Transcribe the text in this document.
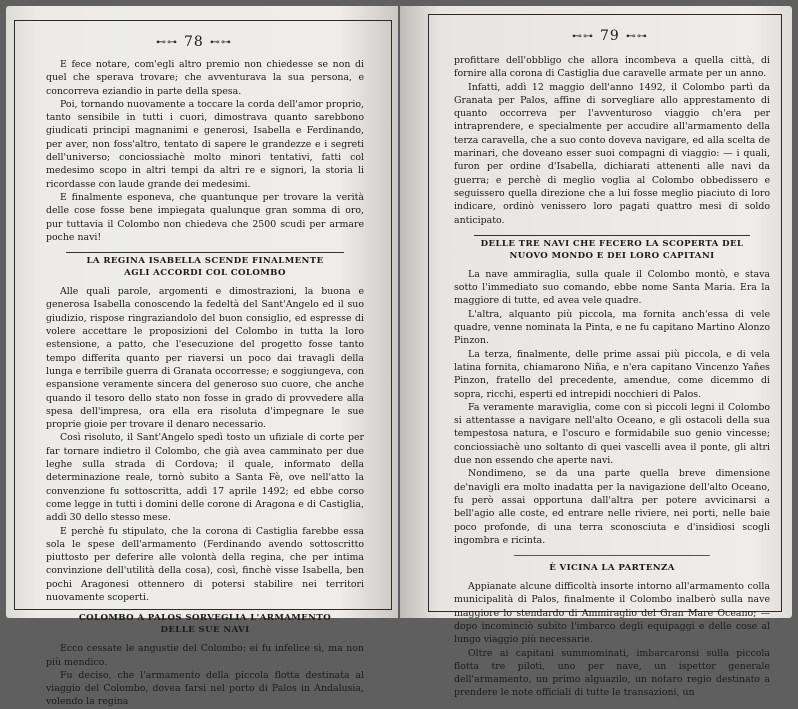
⊷⊶ 78 ⊷⊶

E fece notare, com'egli altro premio non chiedesse se non di quel che sperava trovare; che avventurava la sua persona, e concorreva eziandio in parte della spesa.

Poi, tornando nuovamente a toccare la corda dell'amor proprio, tanto sensibile in tutti i cuori, dimostrava quanto sarebbono giudicati principi magnanimi e generosi, Isabella e Ferdinando, per aver, non foss'altro, tentato di sapere le grandezze e i segreti dell'universo; conciossiachè molto minori tentativi, fatti col medesimo scopo in altri tempi da altri re e signori, la storia li ricordasse con laude grande dei medesimi.

E finalmente esponeva, che quantunque per trovare la verità delle cose fosse bene impiegata qualunque gran somma di oro, pur tuttavia il Colombo non chiedeva che 2500 scudi per armare poche navi!

LA REGINA ISABELLA SCENDE FINALMENTE
AGLI ACCORDI COL COLOMBO

Alle quali parole, argomenti e dimostrazioni, la buona e generosa Isabella conoscendo la fedeltà del Sant'Angelo ed il suo giudizio, rispose ringraziandolo del buon consiglio, ed espresse di volere accettare le proposizioni del Colombo in tutta la loro estensione, a patto, che l'esecuzione del progetto fosse tanto tempo differita quanto per riaversi un poco dai travagli della lunga e terribile guerra di Granata occorresse; e soggiungeva, con espansione veramente sincera del generoso suo cuore, che anche quando il tesoro dello stato non fosse in grado di provvedere alla spesa dell'impresa, ora ella era risoluta d'impegnare le sue proprie gioie per trovare il denaro necessario.

Così risoluto, il Sant'Angelo spedì tosto un ufiziale di corte per far tornare indietro il Colombo, che già avea camminato per due leghe sulla strada di Cordova; il quale, informato della determinazione reale, tornò subito a Santa Fè, ove nell'atto la convenzione fu sottoscritta, addì 17 aprile 1492; ed ebbe corso come legge in tutti i domini delle corone di Aragona e di Castiglia, addì 30 dello stesso mese.

E perchè fu stipulato, che la corona di Castiglia farebbe essa sola le spese dell'armamento (Ferdinando avendo sottoscritto piuttosto per deferire alle volontà della regina, che per intima convinzione dell'utilità della cosa), così, finchè visse Isabella, ben pochi Aragonesi ottennero di potersi stabilire nei territori nuovamente scoperti.

COLOMBO A PALOS SORVEGLIA L'ARMAMENTO
DELLE SUE NAVI

Ecco cessate le angustie del Colombo: ei fu infelice sì, ma non più mendico.

Fu deciso, che l'armamento della piccola flotta destinata al viaggio del Colombo, dovea farsi nel porto di Palos in Andalusia, volendo la regina

⊷⊶ 79 ⊷⊶

profittare dell'obbligo che allora incombeva a quella città, di fornire alla corona di Castiglia due caravelle armate per un anno.

Infatti, addì 12 maggio dell'anno 1492, il Colombo partì da Granata per Palos, affine di sorvegliare allo apprestamento di quanto occorreva per l'avventuroso viaggio ch'era per intraprendere, e specialmente per accudire all'armamento della terza caravella, che a suo conto doveva navigare, ed alla scelta de marinari, che doveano esser suoi compagni di viaggio: — i quali, furon per ordine d'Isabella, dichiarati attenenti alle navi da guerra; e perchè di meglio voglia al Colombo obbedissero e seguissero quella direzione che a lui fosse meglio piaciuto di loro indicare, ordinò venissero loro pagati quattro mesi di soldo anticipato.

DELLE TRE NAVI CHE FECERO LA SCOPERTA DEL
NUOVO MONDO E DEI LORO CAPITANI

La nave ammiraglia, sulla quale il Colombo montò, e stava sotto l'immediato suo comando, ebbe nome Santa Maria. Era la maggiore di tutte, ed avea vele quadre.

L'altra, alquanto più piccola, ma fornita anch'essa di vele quadre, venne nominata la Pinta, e ne fu capitano Martino Alonzo Pinzon.

La terza, finalmente, delle prime assai più piccola, e di vela latina fornita, chiamarono Niña, e n'era capitano Vincenzo Yañes Pinzon, fratello del precedente, amendue, come dicemmo di sopra, ricchi, esperti ed intrepidi nocchieri di Palos.

Fa veramente maraviglia, come con sì piccoli legni il Colombo si attentasse a navigare nell'alto Oceano, e gli ostacoli della sua tempestosa natura, e l'oscuro e formidabile suo genio vincesse; conciossiachè uno soltanto di quei vascelli avea il ponte, gli altri due non essendo che aperte navi.

Nondimeno, se da una parte quella breve dimensione de'navigli era molto inadatta per la navigazione dell'alto Oceano, fu però assai opportuna dall'altra per potere avvicinarsi a bell'agio alle coste, ed entrare nelle riviere, nei porti, nelle baie poco profonde, di una terra sconosciuta e d'insidiosi scogli ingombra e ricinta.

È VICINA LA PARTENZA

Appianate alcune difficoltà insorte intorno all'armamento colla municipalità di Palos, finalmente il Colombo inalberò sulla nave maggiore lo stendardo di Ammiraglio del Gran Mare Oceano; — dopo incominciò subito l'imbarco degli equipaggi e delle cose al lungo viaggio più necessarie.

Oltre ai capitani summominati, imbarcaronsi sulla piccola flotta tre piloti, uno per nave, un ispettor generale dell'armamento, un primo alguazilo, un notaro regio destinato a prendere le note officiali di tutte le transazioni, un
